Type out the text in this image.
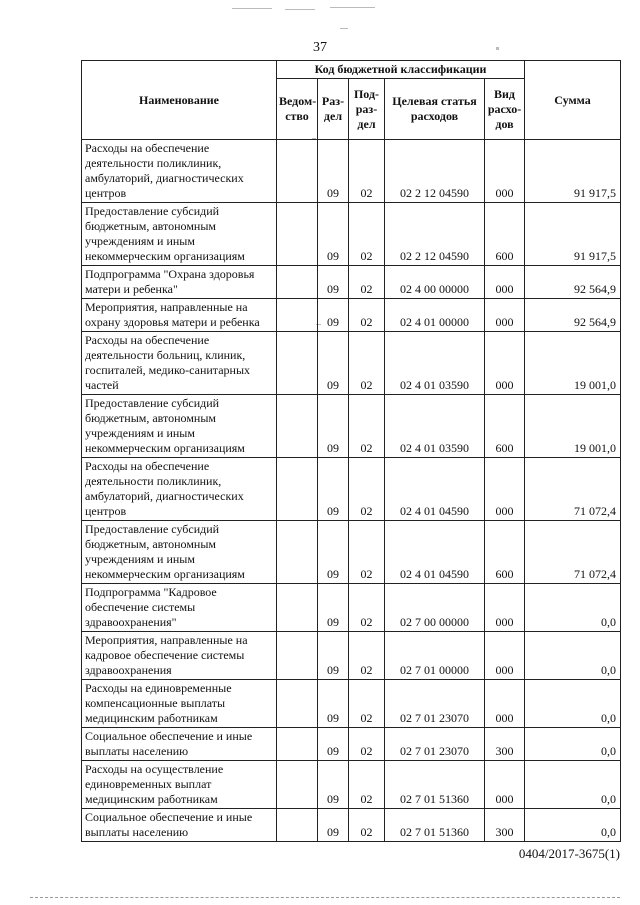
37
Наименование	Код бюджетной классификации					Сумма
	Ведом-ство	Раз-дел	Под-раз-дел	Целевая статья расходов	Вид расхо-дов	
Расходы на обеспечение деятельности поликлиник, амбулаторий, диагностических центров		09	02	02 2 12 04590	000	91 917,5
Предоставление субсидий бюджетным, автономным учреждениям и иным некоммерческим организациям		09	02	02 2 12 04590	600	91 917,5
Подпрограмма "Охрана здоровья матери и ребенка"		09	02	02 4 00 00000	000	92 564,9
Мероприятия, направленные на охрану здоровья матери и ребенка		09	02	02 4 01 00000	000	92 564,9
Расходы на обеспечение деятельности больниц, клиник, госпиталей, медико-санитарных частей		09	02	02 4 01 03590	000	19 001,0
Предоставление субсидий бюджетным, автономным учреждениям и иным некоммерческим организациям		09	02	02 4 01 03590	600	19 001,0
Расходы на обеспечение деятельности поликлиник, амбулаторий, диагностических центров		09	02	02 4 01 04590	000	71 072,4
Предоставление субсидий бюджетным, автономным учреждениям и иным некоммерческим организациям		09	02	02 4 01 04590	600	71 072,4
Подпрограмма "Кадровое обеспечение системы здравоохранения"		09	02	02 7 00 00000	000	0,0
Мероприятия, направленные на кадровое обеспечение системы здравоохранения		09	02	02 7 01 00000	000	0,0
Расходы на единовременные компенсационные выплаты медицинским работникам		09	02	02 7 01 23070	000	0,0
Социальное обеспечение и иные выплаты населению		09	02	02 7 01 23070	300	0,0
Расходы на осуществление единовременных выплат медицинским работникам		09	02	02 7 01 51360	000	0,0
Социальное обеспечение и иные выплаты населению		09	02	02 7 01 51360	300	0,0
0404/2017-3675(1)
